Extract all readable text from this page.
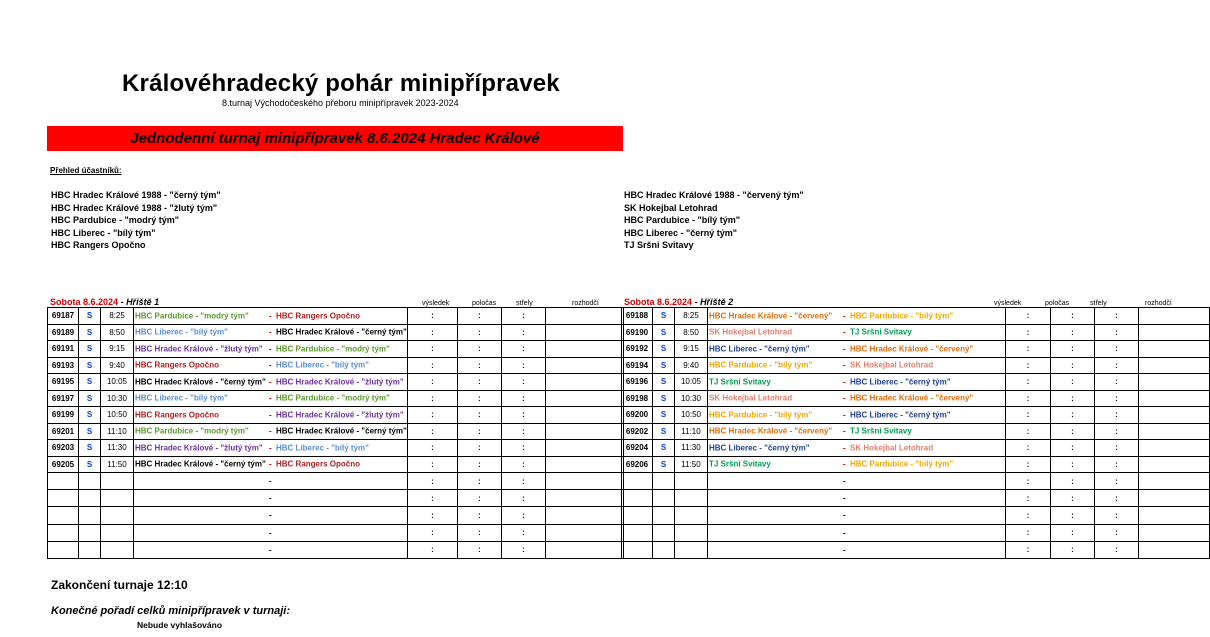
Královéhradecký pohár minipřípravek
8.turnaj Východočeského přeboru minipřípravek 2023-2024
Jednodenní turnaj minipřípravek 8.6.2024 Hradec Králové
Přehled účastníků:
HBC Hradec Králové 1988 - "černý tým"
HBC Hradec Králové 1988 - "žlutý tým"
HBC Pardubice - "modrý tým"
HBC Liberec - "bílý tým"
HBC Rangers Opočno
HBC Hradec Králové 1988 - "červený tým"
SK Hokejbal Letohrad
HBC Pardubice - "bílý tým"
HBC Liberec - "černý tým"
TJ Sršni Svitavy
Sobota 8.6.2024 - Hřiště 1	výsledek	poločas	střely	rozhodčí	Sobota 8.6.2024 - Hřiště 2	výsledek	poločas	střely	rozhodčí
69187	S	8:25	HBC Pardubice - "modrý tým" - HBC Rangers Opočno	:	:	:	
69189	S	8:50	HBC Liberec - "bílý tým" - HBC Hradec Králové - "černý tým"	:	:	:	
69191	S	9:15	HBC Hradec Králové - "žlutý tým" - HBC Pardubice - "modrý tým"	:	:	:	
69193	S	9:40	HBC Rangers Opočno - HBC Liberec - "bílý tým"	:	:	:	
69195	S	10:05	HBC Hradec Králové - "černý tým" - HBC Hradec Králové - "žlutý tým"	:	:	:	
69197	S	10:30	HBC Liberec - "bílý tým" - HBC Pardubice - "modrý tým"	:	:	:	
69199	S	10:50	HBC Rangers Opočno - HBC Hradec Králové - "žlutý tým"	:	:	:	
69201	S	11:10	HBC Pardubice - "modrý tým" - HBC Hradec Králové - "černý tým"	:	:	:	
69203	S	11:30	HBC Hradec Králové - "žlutý tým" - HBC Liberec - "bílý tým"	:	:	:	
69205	S	11:50	HBC Hradec Králové - "černý tým" - HBC Rangers Opočno	:	:	:	

			-	:	:	:	

			-	:	:	:	

			-	:	:	:	

			-	:	:	:	

			-	:	:	:	
69188	S	8:25	HBC Hradec Králové - "červený" - HBC Pardubice - "bílý tým"	:	:	:	
69190	S	8:50	SK Hokejbal Letohrad - TJ Sršni Svitavy	:	:	:	
69192	S	9:15	HBC Liberec - "černý tým" - HBC Hradec Králové - "červený"	:	:	:	
69194	S	9:40	HBC Pardubice - "bílý tým" - SK Hokejbal Letohrad	:	:	:	
69196	S	10:05	TJ Sršni Svitavy - HBC Liberec - "černý tým"	:	:	:	
69198	S	10:30	SK Hokejbal Letohrad - HBC Hradec Králové - "červený"	:	:	:	
69200	S	10:50	HBC Pardubice - "bílý tým" - HBC Liberec - "černý tým"	:	:	:	
69202	S	11:10	HBC Hradec Králové - "červený" - TJ Sršni Svitavy	:	:	:	
69204	S	11:30	HBC Liberec - "černý tým" - SK Hokejbal Letohrad	:	:	:	
69206	S	11:50	TJ Sršni Svitavy - HBC Pardubice - "bílý tým"	:	:	:	

			-	:	:	:	

			-	:	:	:	

			-	:	:	:	

			-	:	:	:	

			-	:	:	:	
Zakončení turnaje 12:10
Konečné pořadí celků minipřípravek v turnaji:
Nebude vyhlašováno
